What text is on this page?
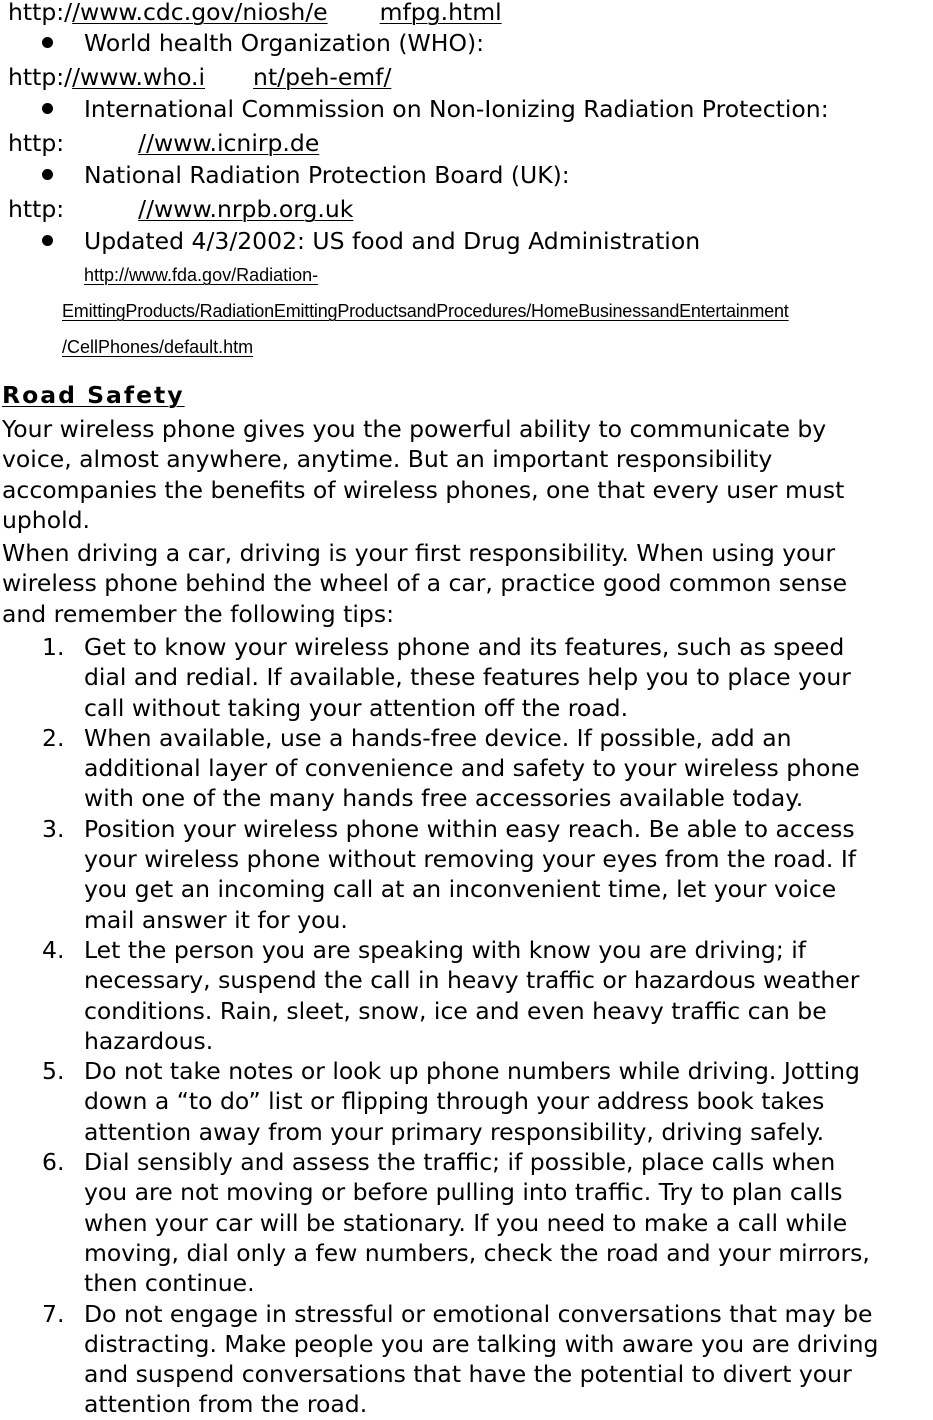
http://www.cdc.gov/niosh/e mfpg.html
World health Organization (WHO):
http://www.who.i nt/peh-emf/
International Commission on Non-Ionizing Radiation Protection:
http:	//www.icnirp.de
National Radiation Protection Board (UK):
http:	//www.nrpb.org.uk
Updated 4/3/2002: US food and Drug Administration
http://www.fda.gov/Radiation-
EmittingProducts/RadiationEmittingProductsandProcedures/HomeBusinessandEntertainment
/CellPhones/default.htm
Road Safety
Your wireless phone gives you the powerful ability to communicate by
voice, almost anywhere, anytime. But an important responsibility
accompanies the benefits of wireless phones, one that every user must
uphold.
When driving a car, driving is your first responsibility. When using your
wireless phone behind the wheel of a car, practice good common sense
and remember the following tips:
1. Get to know your wireless phone and its features, such as speed
dial and redial. If available, these features help you to place your
call without taking your attention off the road.
2. When available, use a hands-free device. If possible, add an
additional layer of convenience and safety to your wireless phone
with one of the many hands free accessories available today.
3. Position your wireless phone within easy reach. Be able to access
your wireless phone without removing your eyes from the road. If
you get an incoming call at an inconvenient time, let your voice
mail answer it for you.
4. Let the person you are speaking with know you are driving; if
necessary, suspend the call in heavy traffic or hazardous weather
conditions. Rain, sleet, snow, ice and even heavy traffic can be
hazardous.
5. Do not take notes or look up phone numbers while driving. Jotting
down a “to do” list or flipping through your address book takes
attention away from your primary responsibility, driving safely.
6. Dial sensibly and assess the traffic; if possible, place calls when
you are not moving or before pulling into traffic. Try to plan calls
when your car will be stationary. If you need to make a call while
moving, dial only a few numbers, check the road and your mirrors,
then continue.
7. Do not engage in stressful or emotional conversations that may be
distracting. Make people you are talking with aware you are driving
and suspend conversations that have the potential to divert your
attention from the road.
